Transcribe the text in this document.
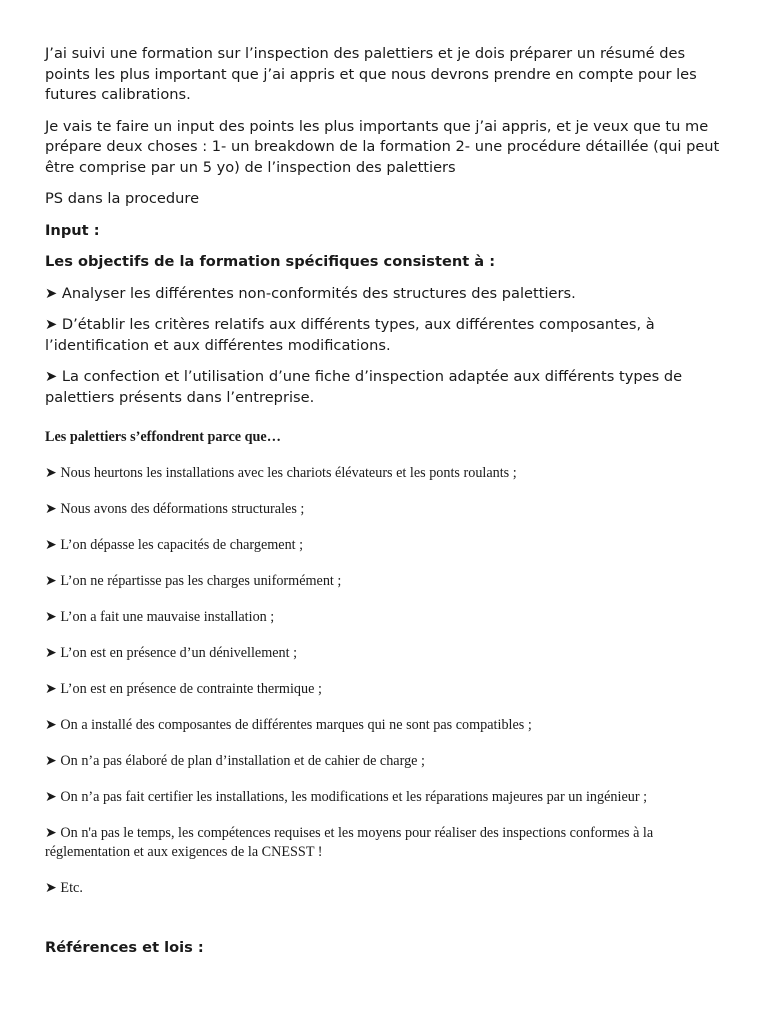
J’ai suivi une formation sur l’inspection des palettiers et je dois préparer un résumé des points les plus important que j’ai appris et que nous devrons prendre en compte pour les futures calibrations.

Je vais te faire un input des points les plus importants que j’ai appris, et je veux que tu me prépare deux choses : 1- un breakdown de la formation 2- une procédure détaillée (qui peut être comprise par un 5 yo) de l’inspection des palettiers

PS dans la procedure

Input :

Les objectifs de la formation spécifiques consistent à :

➤ Analyser les différentes non-conformités des structures des palettiers.

➤ D’établir les critères relatifs aux différents types, aux différentes composantes, à l’identification et aux différentes modifications.

➤ La confection et l’utilisation d’une fiche d’inspection adaptée aux différents types de palettiers présents dans l’entreprise.

Les palettiers s’effondrent parce que…
➤ Nous heurtons les installations avec les chariots élévateurs et les ponts roulants ;
➤ Nous avons des déformations structurales ;
➤ L’on dépasse les capacités de chargement ;
➤ L’on ne répartisse pas les charges uniformément ;
➤ L’on a fait une mauvaise installation ;
➤ L’on est en présence d’un dénivellement ;
➤ L’on est en présence de contrainte thermique ;
➤ On a installé des composantes de différentes marques qui ne sont pas compatibles ;
➤ On n’a pas élaboré de plan d’installation et de cahier de charge ;
➤ On n’a pas fait certifier les installations, les modifications et les réparations majeures par un ingénieur ;
➤ On n'a pas le temps, les compétences requises et les moyens pour réaliser des inspections conformes à la réglementation et aux exigences de la CNESST !
➤ Etc.
Références et lois :
